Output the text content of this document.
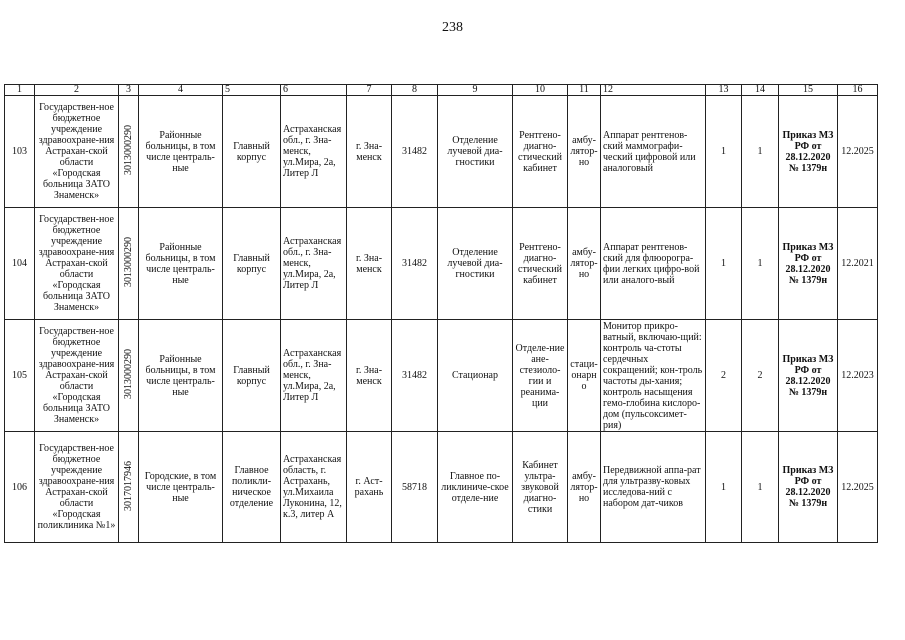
238
1	2	3	4	5	6	7	8	9	10	11	12	13	14	15	16
103	Государствен-ное бюджетное учреждение здравоохране-ния Астрахан-ской области «Городская больница ЗАТО Знаменск»	3013000290	Районные больницы, в том числе централь-ные	Главный корпус	Астраханская обл., г. Зна-менск, ул.Мира, 2а, Литер Л	г. Зна-менск	31482	Отделение лучевой диа-гностики	Рентгено-диагно-стический кабинет	амбу-лятор-но	Аппарат рентгенов-ский маммографи-ческий цифровой или аналоговый	1	1	Приказ МЗ РФ от 28.12.2020 № 1379н	12.2025
104	Государствен-ное бюджетное учреждение здравоохране-ния Астрахан-ской области «Городская больница ЗАТО Знаменск»	3013000290	Районные больницы, в том числе централь-ные	Главный корпус	Астраханская обл., г. Зна-менск, ул.Мира, 2а, Литер Л	г. Зна-менск	31482	Отделение лучевой диа-гностики	Рентгено-диагно-стический кабинет	амбу-лятор-но	Аппарат рентгенов-ский для флюорогра-фии легких цифро-вой или аналого-вый	1	1	Приказ МЗ РФ от 28.12.2020 № 1379н	12.2021
105	Государствен-ное бюджетное учреждение здравоохране-ния Астрахан-ской области «Городская больница ЗАТО Знаменск»	3013000290	Районные больницы, в том числе централь-ные	Главный корпус	Астраханская обл., г. Зна-менск, ул.Мира, 2а, Литер Л	г. Зна-менск	31482	Стационар	Отделе-ние ане-стезиоло-гии и реанима-ции	стаци-онарно	Монитор прикро-ватный, включаю-щий: контроль ча-стоты сердечных сокращений; кон-троль частоты ды-хания; контроль насыщения гемо-глобина кислоро-дом (пульсоксимет-рия)	2	2	Приказ МЗ РФ от 28.12.2020 № 1379н	12.2023
106	Государствен-ное бюджетное учреждение здравоохране-ния Астрахан-ской области «Городская поликлиника №1»	3017017946	Городские, в том числе централь-ные	Главное поликли-ническое отделение	Астраханская область, г. Астрахань, ул.Михаила Луконина, 12, к.3, литер А	г. Аст-рахань	58718	Главное по-ликлиниче-ское отделе-ние	Кабинет ультра-звуковой диагно-стики	амбу-лятор-но	Передвижной аппа-рат для ультразву-ковых исследова-ний с набором дат-чиков	1	1	Приказ МЗ РФ от 28.12.2020 № 1379н	12.2025
